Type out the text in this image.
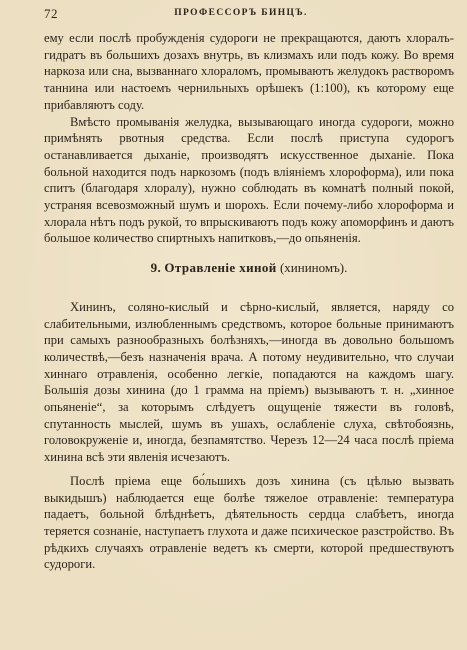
72	ПРОФЕССОРЪ БИНЦЪ.

ему если послѣ пробужденія судороги не прекращаются, даютъ хлоралъ-гидратъ въ большихъ дозахъ внутрь, въ клизмахъ или подъ кожу. Во время наркоза или сна, вызваннаго хлораломъ, промываютъ желудокъ растворомъ таннина или настоемъ чернильныхъ орѣшекъ (1:100), къ которому еще прибавляютъ соду.

Вмѣсто промыванія желудка, вызывающаго иногда судороги, можно примѣнять рвотныя средства. Если послѣ приступа судорогъ останавливается дыханіе, производятъ искусственное дыханіе. Пока больной находится подъ наркозомъ (подъ вліяніемъ хлороформа), или пока спитъ (благодаря хлоралу), нужно соблюдать въ комнатѣ полный покой, устраняя всевозможный шумъ и шорохъ. Если почему-либо хлороформа и хлорала нѣтъ подъ рукой, то впрыскиваютъ подъ кожу апоморфинъ и даютъ большое количество спиртныхъ напитковъ,—до опьяненія.

9. Отравленіе хиной (хининомъ).

Хининъ, соляно-кислый и сѣрно-кислый, является, наряду со слабительными, излюбленнымъ средствомъ, которое больные принимаютъ при самыхъ разнообразныхъ болѣзняхъ,—иногда въ довольно большомъ количествѣ,—безъ назначенія врача. А потому неудивительно, что случаи хиннаго отравленія, особенно легкіе, попадаются на каждомъ шагу. Большія дозы хинина (до 1 грамма на пріемъ) вызываютъ т. н. „хинное опьяненіе“, за которымъ слѣдуетъ ощущеніе тяжести въ головѣ, спутанность мыслей, шумъ въ ушахъ, ослабленіе слуха, свѣтобоязнь, головокруженіе и, иногда, безпамятство. Черезъ 12—24 часа послѣ пріема хинина всѣ эти явленія исчезаютъ.

Послѣ пріема еще бо́льшихъ дозъ хинина (съ цѣлью вызвать выкидышъ) наблюдается еще болѣе тяжелое отравленіе: температура падаетъ, больной блѣднѣетъ, дѣятельность сердца слабѣетъ, иногда теряется сознаніе, наступаетъ глухота и даже психическое разстройство. Въ рѣдкихъ случаяхъ отравленіе ведетъ къ смерти, которой предшествуютъ судороги.
